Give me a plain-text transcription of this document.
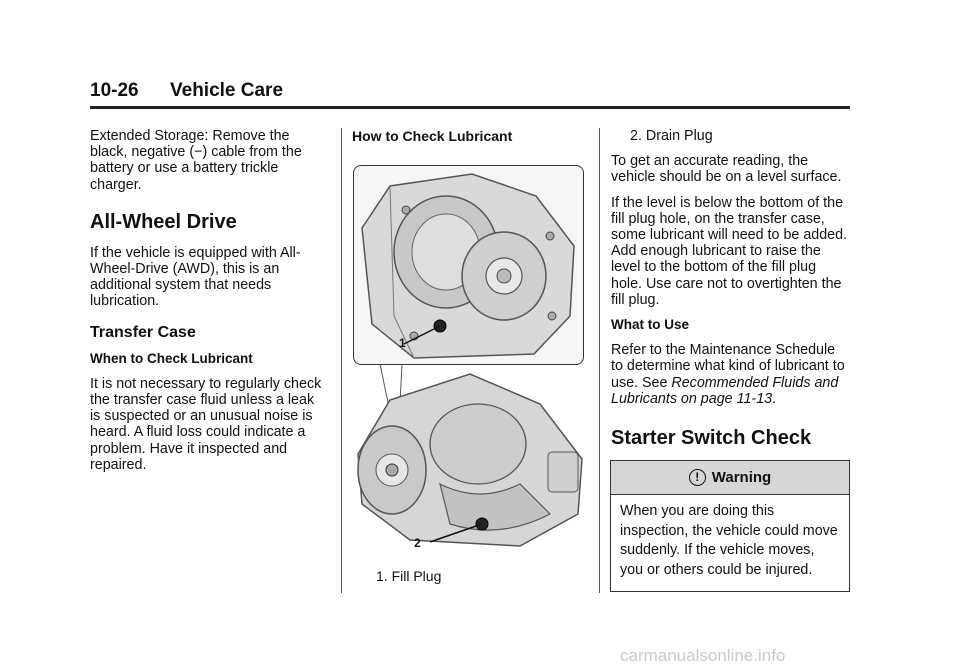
10-26 Vehicle Care

Extended Storage: Remove the black, negative (−) cable from the battery or use a battery trickle charger.

All-Wheel Drive

If the vehicle is equipped with All-Wheel-Drive (AWD), this is an additional system that needs lubrication.

Transfer Case

When to Check Lubricant

It is not necessary to regularly check the transfer case fluid unless a leak is suspected or an unusual noise is heard. A fluid loss could indicate a problem. Have it inspected and repaired.

How to Check Lubricant
1
2
1. Fill Plug

2. Drain Plug

To get an accurate reading, the vehicle should be on a level surface.

If the level is below the bottom of the fill plug hole, on the transfer case, some lubricant will need to be added. Add enough lubricant to raise the level to the bottom of the fill plug hole. Use care not to overtighten the fill plug.

What to Use

Refer to the Maintenance Schedule to determine what kind of lubricant to use. See Recommended Fluids and Lubricants on page 11-13.

Starter Switch Check
! Warning
When you are doing this inspection, the vehicle could move suddenly. If the vehicle moves, you or others could be injured.
carmanualsonline.info
